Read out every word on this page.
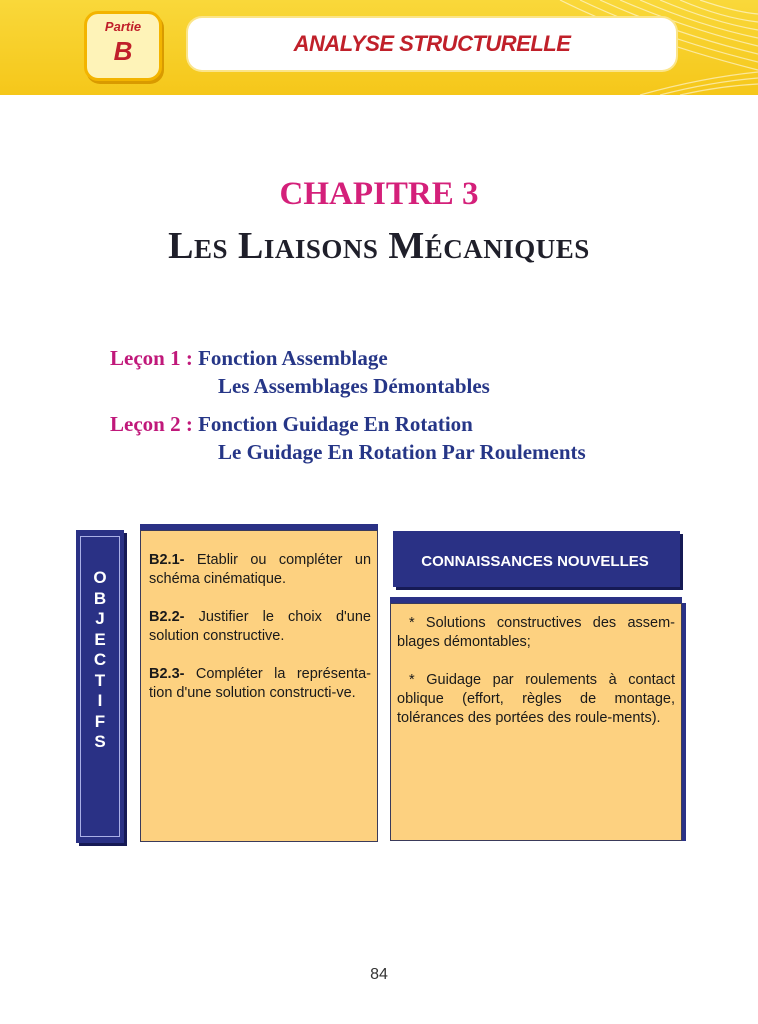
Partie
B	ANALYSE STRUCTURELLE
CHAPITRE 3
Les Liaisons Mécaniques
Leçon 1 : Fonction Assemblage
Les Assemblages Démontables
Leçon 2 : Fonction Guidage En Rotation
Le Guidage En Rotation Par Roulements
O
B
J
E
C
T
I
F
S

B2.1- Etablir ou compléter un schéma cinématique.

B2.2- Justifier le choix d'une solution constructive.

B2.3- Compléter la représenta-tion d'une solution constructi-ve.

CONNAISSANCES NOUVELLES

* Solutions constructives des assem-blages démontables;

* Guidage par roulements à contact oblique (effort, règles de montage, tolérances des portées des roule-ments).

84
